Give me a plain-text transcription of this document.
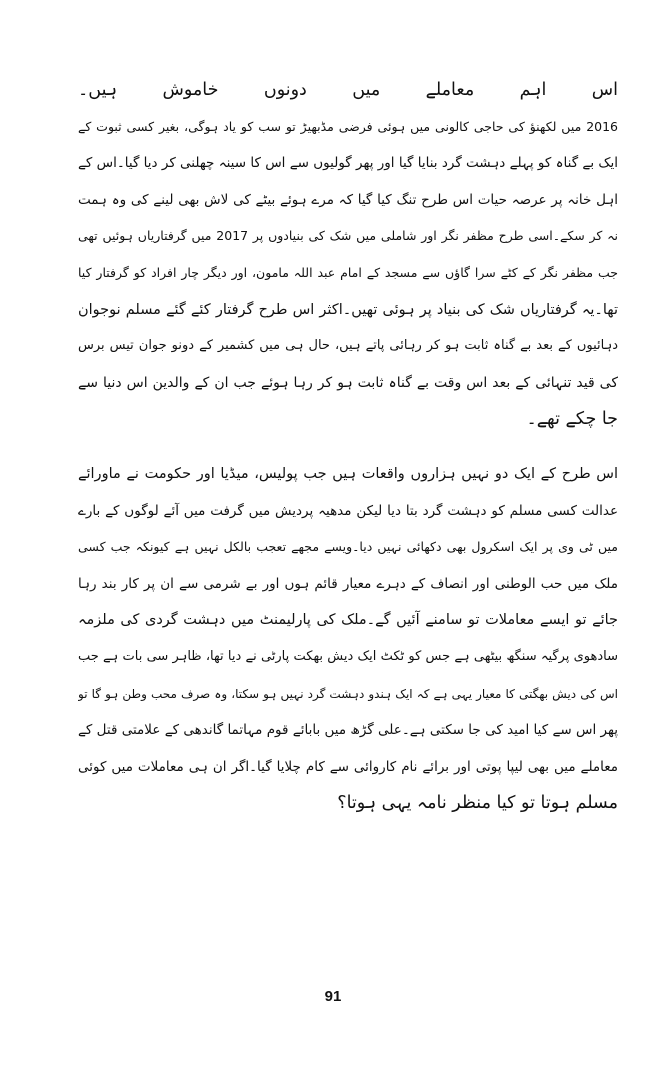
اس اہم معاملے میں دونوں خاموش ہیں۔
2016 میں لکھنؤ کی حاجی کالونی میں ہوئی فرضی مڈبھیڑ تو سب کو یاد ہوگی، بغیر کسی ثبوت کے
ایک بے گناہ کو پہلے دہشت گرد بنایا گیا اور پھر گولیوں سے اس کا سینہ چھلنی کر دیا گیا۔اس کے
اہل خانہ پر عرصہ حیات اس طرح تنگ کیا گیا کہ مرے ہوئے بیٹے کی لاش بھی لینے کی وہ ہمت
نہ کر سکے۔اسی طرح مظفر نگر اور شاملی میں شک کی بنیادوں پر 2017 میں گرفتاریاں ہوئیں تھی
جب مظفر نگر کے کٹے سرا گاؤں سے مسجد کے امام عبد اللہ مامون، اور دیگر چار افراد کو گرفتار کیا
تھا۔یہ گرفتاریاں شک کی بنیاد پر ہوئی تھیں۔اکثر اس طرح گرفتار کئے گئے مسلم نوجوان
دہائیوں کے بعد بے گناہ ثابت ہو کر رہائی پاتے ہیں، حال ہی میں کشمیر کے دونو جوان تیس برس
کی قید تنہائی کے بعد اس وقت بے گناہ ثابت ہو کر رہا ہوئے جب ان کے والدین اس دنیا سے
جا چکے تھے۔
اس طرح کے ایک دو نہیں ہزاروں واقعات ہیں جب پولیس، میڈیا اور حکومت نے ماورائے
عدالت کسی مسلم کو دہشت گرد بتا دیا لیکن مدھیہ پردیش میں گرفت میں آئے لوگوں کے بارے
میں ٹی وی پر ایک اسکرول بھی دکھائی نہیں دیا۔ویسے مجھے تعجب بالکل نہیں ہے کیونکہ جب کسی
ملک میں حب الوطنی اور انصاف کے دہرے معیار قائم ہوں اور بے شرمی سے ان پر کار بند رہا
جائے تو ایسے معاملات تو سامنے آئیں گے۔ملک کی پارلیمنٹ میں دہشت گردی کی ملزمہ
سادھوی پرگیہ سنگھ بیٹھی ہے جس کو ٹکٹ ایک دیش بھکت پارٹی نے دیا تھا، ظاہر سی بات ہے جب
اس کی دیش بھگتی کا معیار یہی ہے کہ ایک ہندو دہشت گرد نہیں ہو سکتا، وہ صرف محب وطن ہو گا تو
پھر اس سے کیا امید کی جا سکتی ہے۔علی گڑھ میں بابائے قوم مہاتما گاندھی کے علامتی قتل کے
معاملے میں بھی لیپا پوتی اور برائے نام کاروائی سے کام چلایا گیا۔اگر ان ہی معاملات میں کوئی
مسلم ہوتا تو کیا منظر نامہ یہی ہوتا؟
91
